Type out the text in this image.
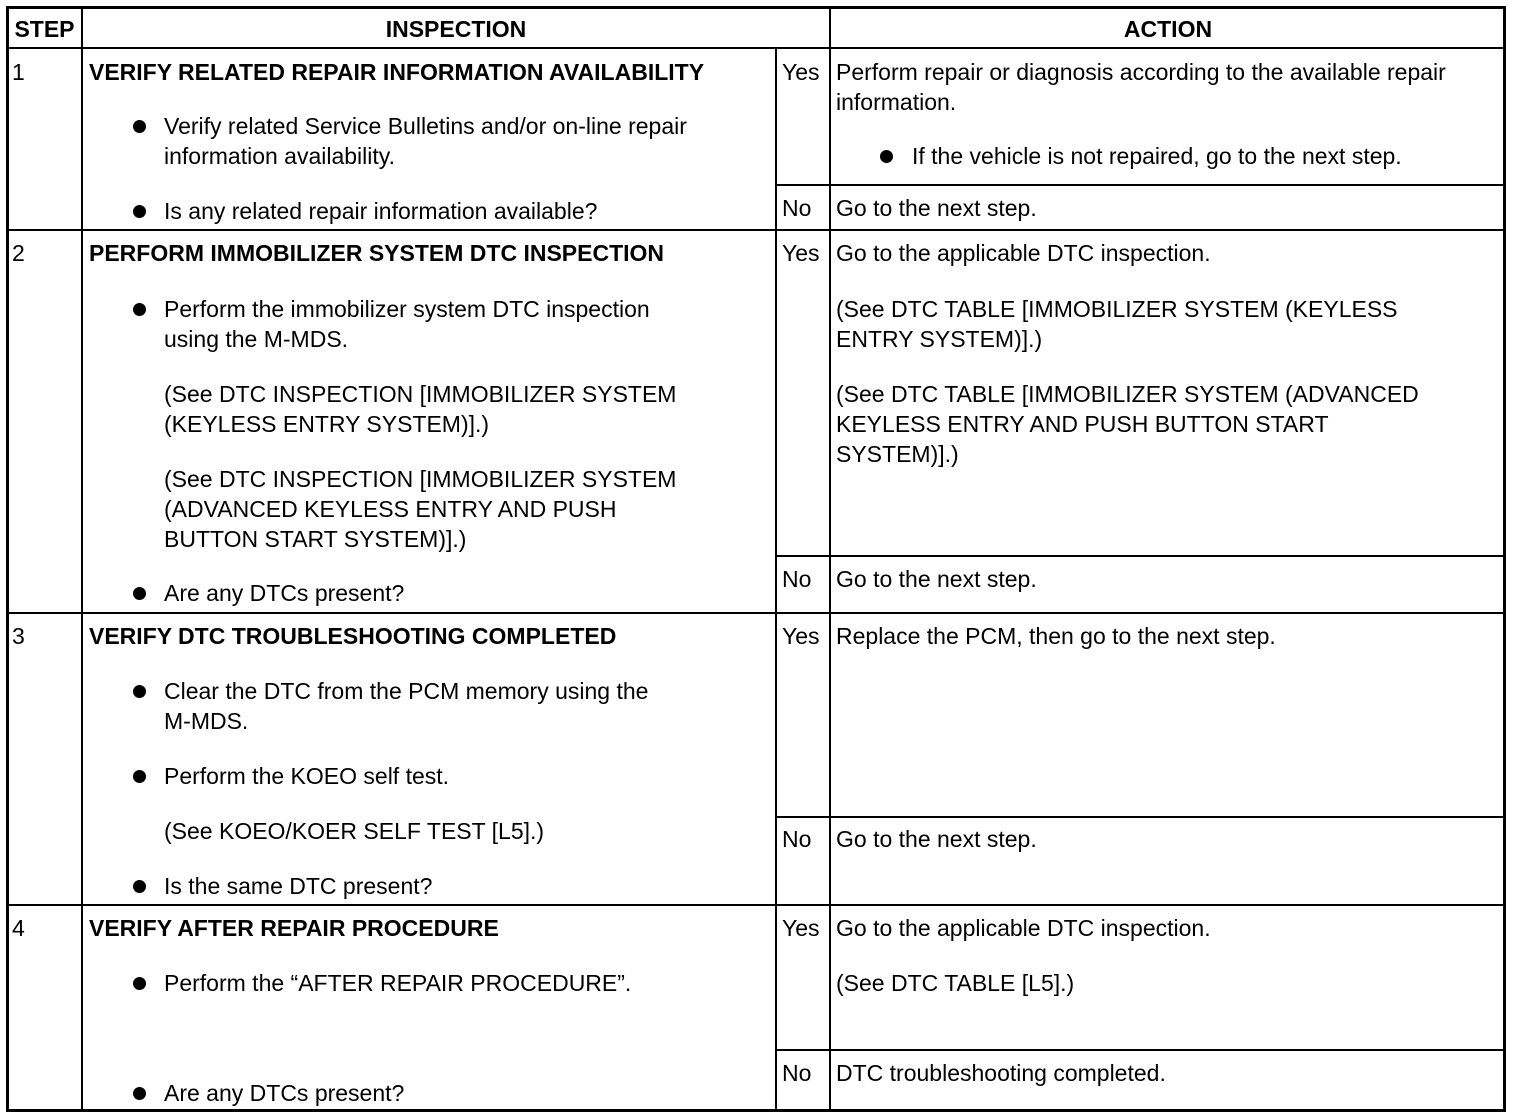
STEP	INSPECTION	ACTION
1	VERIFY RELATED REPAIR INFORMATION AVAILABILITY
Verify related Service Bulletins and/or on-line repair
information availability.
Is any related repair information available?
Yes Perform repair or diagnosis according to the available repair
information.
If the vehicle is not repaired, go to the next step.
No Go to the next step.
2	PERFORM IMMOBILIZER SYSTEM DTC INSPECTION
Perform the immobilizer system DTC inspection
using the M-MDS.
(See DTC INSPECTION [IMMOBILIZER SYSTEM
(KEYLESS ENTRY SYSTEM)].)
(See DTC INSPECTION [IMMOBILIZER SYSTEM
(ADVANCED KEYLESS ENTRY AND PUSH
BUTTON START SYSTEM)].)
Are any DTCs present?
Yes Go to the applicable DTC inspection.
(See DTC TABLE [IMMOBILIZER SYSTEM (KEYLESS
ENTRY SYSTEM)].)
(See DTC TABLE [IMMOBILIZER SYSTEM (ADVANCED
KEYLESS ENTRY AND PUSH BUTTON START
SYSTEM)].)
No Go to the next step.
3	VERIFY DTC TROUBLESHOOTING COMPLETED
Clear the DTC from the PCM memory using the
M-MDS.
Perform the KOEO self test.
(See KOEO/KOER SELF TEST [L5].)
Is the same DTC present?
Yes Replace the PCM, then go to the next step.
No Go to the next step.
4	VERIFY AFTER REPAIR PROCEDURE
Perform the “AFTER REPAIR PROCEDURE”.
Are any DTCs present?
Yes Go to the applicable DTC inspection.
(See DTC TABLE [L5].)
No DTC troubleshooting completed.
